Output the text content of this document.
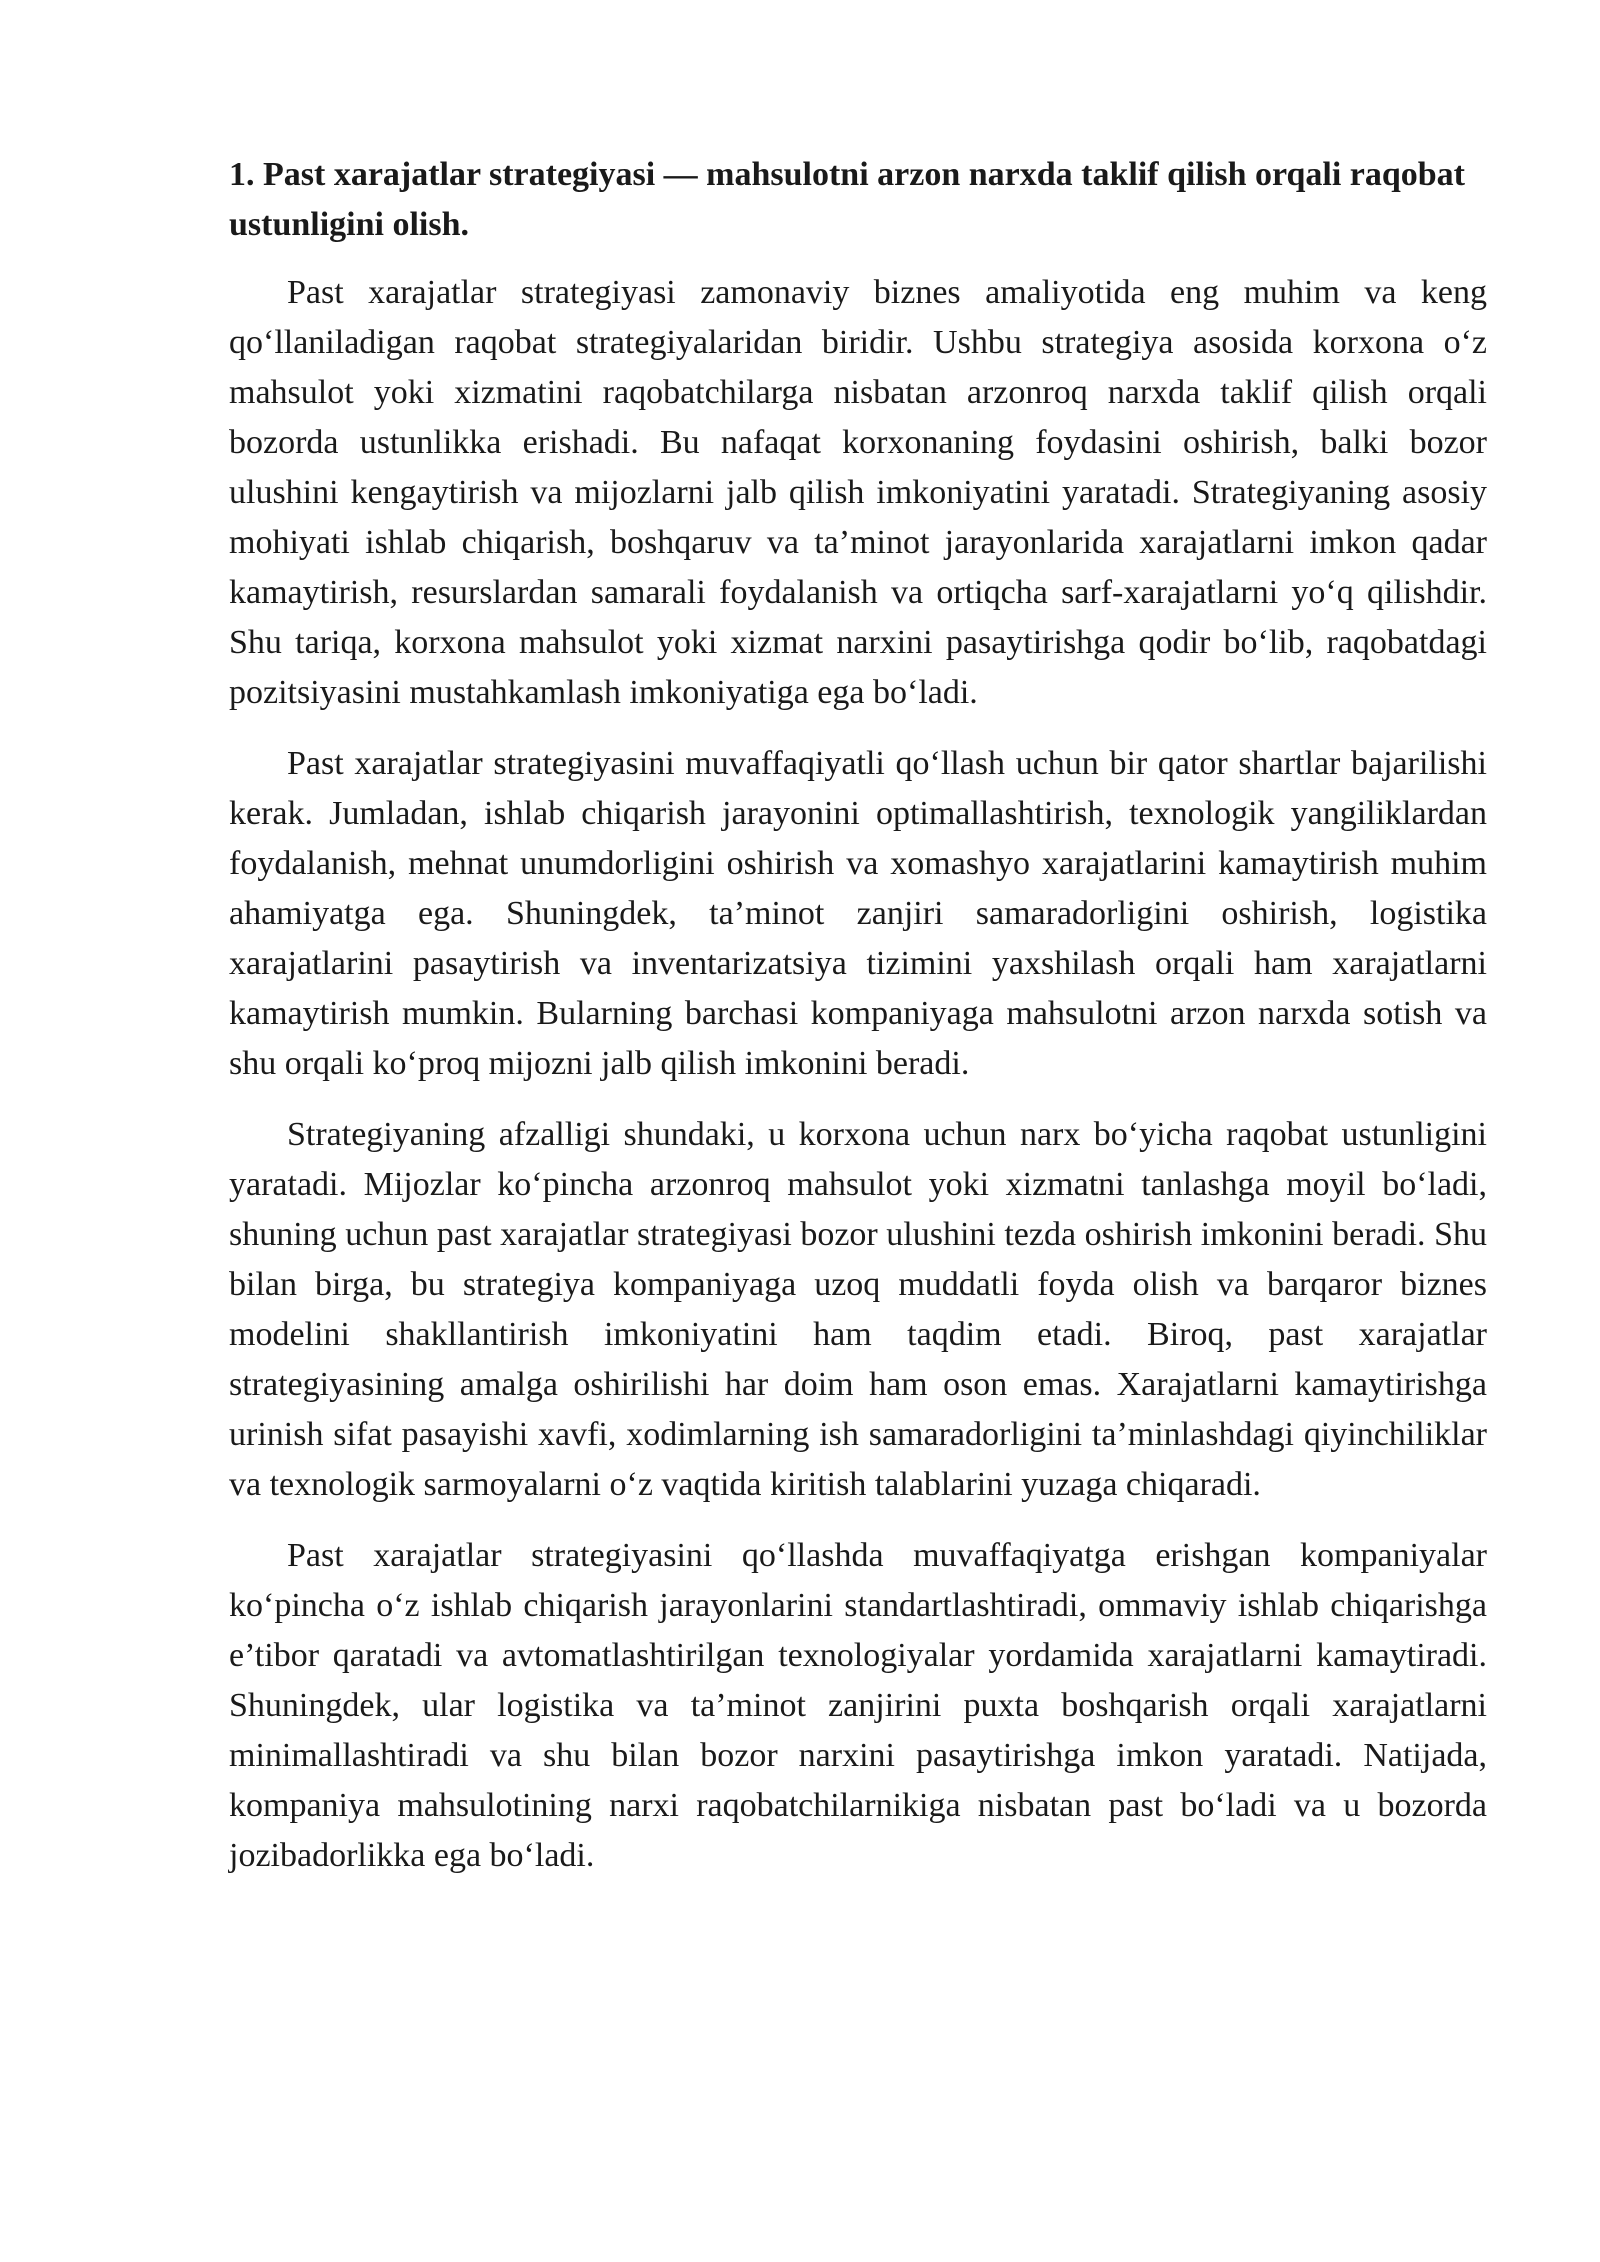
1. Past xarajatlar strategiyasi — mahsulotni arzon narxda taklif qilish orqali raqobat ustunligini olish.

Past xarajatlar strategiyasi zamonaviy biznes amaliyotida eng muhim va keng qoʻllaniladigan raqobat strategiyalaridan biridir. Ushbu strategiya asosida korxona oʻz mahsulot yoki xizmatini raqobatchilarga nisbatan arzonroq narxda taklif qilish orqali bozorda ustunlikka erishadi. Bu nafaqat korxonaning foydasini oshirish, balki bozor ulushini kengaytirish va mijozlarni jalb qilish imkoniyatini yaratadi. Strategiyaning asosiy mohiyati ishlab chiqarish, boshqaruv va ta’minot jarayonlarida xarajatlarni imkon qadar kamaytirish, resurslardan samarali foydalanish va ortiqcha sarf-xarajatlarni yoʻq qilishdir. Shu tariqa, korxona mahsulot yoki xizmat narxini pasaytirishga qodir boʻlib, raqobatdagi pozitsiyasini mustahkamlash imkoniyatiga ega boʻladi.

Past xarajatlar strategiyasini muvaffaqiyatli qoʻllash uchun bir qator shartlar bajarilishi kerak. Jumladan, ishlab chiqarish jarayonini optimallashtirish, texnologik yangiliklardan foydalanish, mehnat unumdorligini oshirish va xomashyo xarajatlarini kamaytirish muhim ahamiyatga ega. Shuningdek, ta’minot zanjiri samaradorligini oshirish, logistika xarajatlarini pasaytirish va inventarizatsiya tizimini yaxshilash orqali ham xarajatlarni kamaytirish mumkin. Bularning barchasi kompaniyaga mahsulotni arzon narxda sotish va shu orqali koʻproq mijozni jalb qilish imkonini beradi.

Strategiyaning afzalligi shundaki, u korxona uchun narx boʻyicha raqobat ustunligini yaratadi. Mijozlar koʻpincha arzonroq mahsulot yoki xizmatni tanlashga moyil boʻladi, shuning uchun past xarajatlar strategiyasi bozor ulushini tezda oshirish imkonini beradi. Shu bilan birga, bu strategiya kompaniyaga uzoq muddatli foyda olish va barqaror biznes modelini shakllantirish imkoniyatini ham taqdim etadi. Biroq, past xarajatlar strategiyasining amalga oshirilishi har doim ham oson emas. Xarajatlarni kamaytirishga urinish sifat pasayishi xavfi, xodimlarning ish samaradorligini ta’minlashdagi qiyinchiliklar va texnologik sarmoyalarni oʻz vaqtida kiritish talablarini yuzaga chiqaradi.

Past xarajatlar strategiyasini qoʻllashda muvaffaqiyatga erishgan kompaniyalar koʻpincha oʻz ishlab chiqarish jarayonlarini standartlashtiradi, ommaviy ishlab chiqarishga e’tibor qaratadi va avtomatlashtirilgan texnologiyalar yordamida xarajatlarni kamaytiradi. Shuningdek, ular logistika va ta’minot zanjirini puxta boshqarish orqali xarajatlarni minimallashtiradi va shu bilan bozor narxini pasaytirishga imkon yaratadi. Natijada, kompaniya mahsulotining narxi raqobatchilarnikiga nisbatan past boʻladi va u bozorda jozibadorlikka ega boʻladi.
